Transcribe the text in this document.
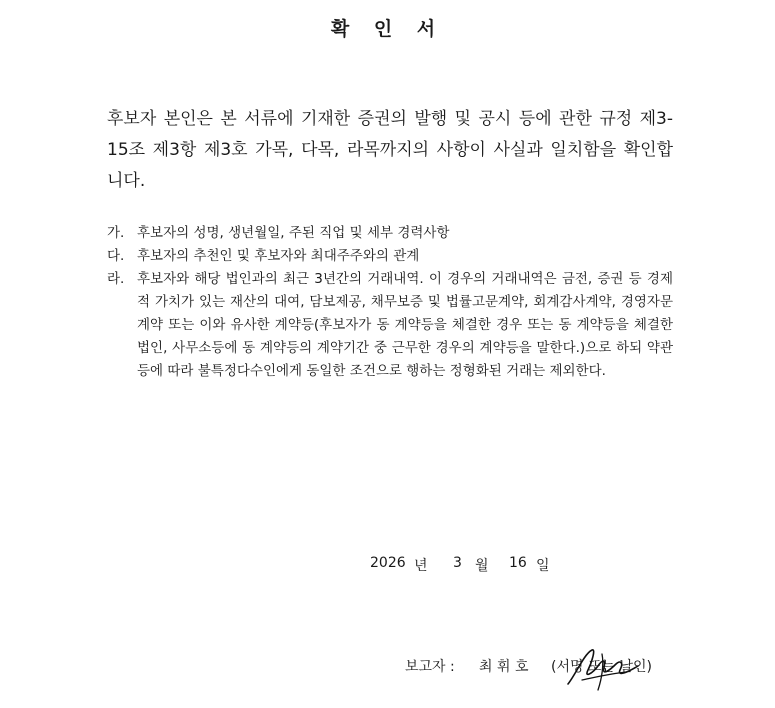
확 인 서
후보자 본인은 본 서류에 기재한 증권의 발행 및 공시 등에 관한 규정 제3-15조 제3항 제3호 가목, 다목, 라목까지의 사항이 사실과 일치함을 확인합니다.
가. 후보자의 성명, 생년월일, 주된 직업 및 세부 경력사항
다. 후보자의 추천인 및 후보자와 최대주주와의 관계
라. 후보자와 해당 법인과의 최근 3년간의 거래내역. 이 경우의 거래내역은 금전, 증권 등 경제적 가치가 있는 재산의 대여, 담보제공, 채무보증 및 법률고문계약, 회계감사계약, 경영자문계약 또는 이와 유사한 계약등(후보자가 동 계약등을 체결한 경우 또는 동 계약등을 체결한 법인, 사무소등에 동 계약등의 계약기간 중 근무한 경우의 계약등을 말한다.)으로 하되 약관 등에 따라 불특정다수인에게 동일한 조건으로 행하는 정형화된 거래는 제외한다.
2026 년 3 월 16 일
보고자 : 최 휘 호 (서명 또는 날인)
